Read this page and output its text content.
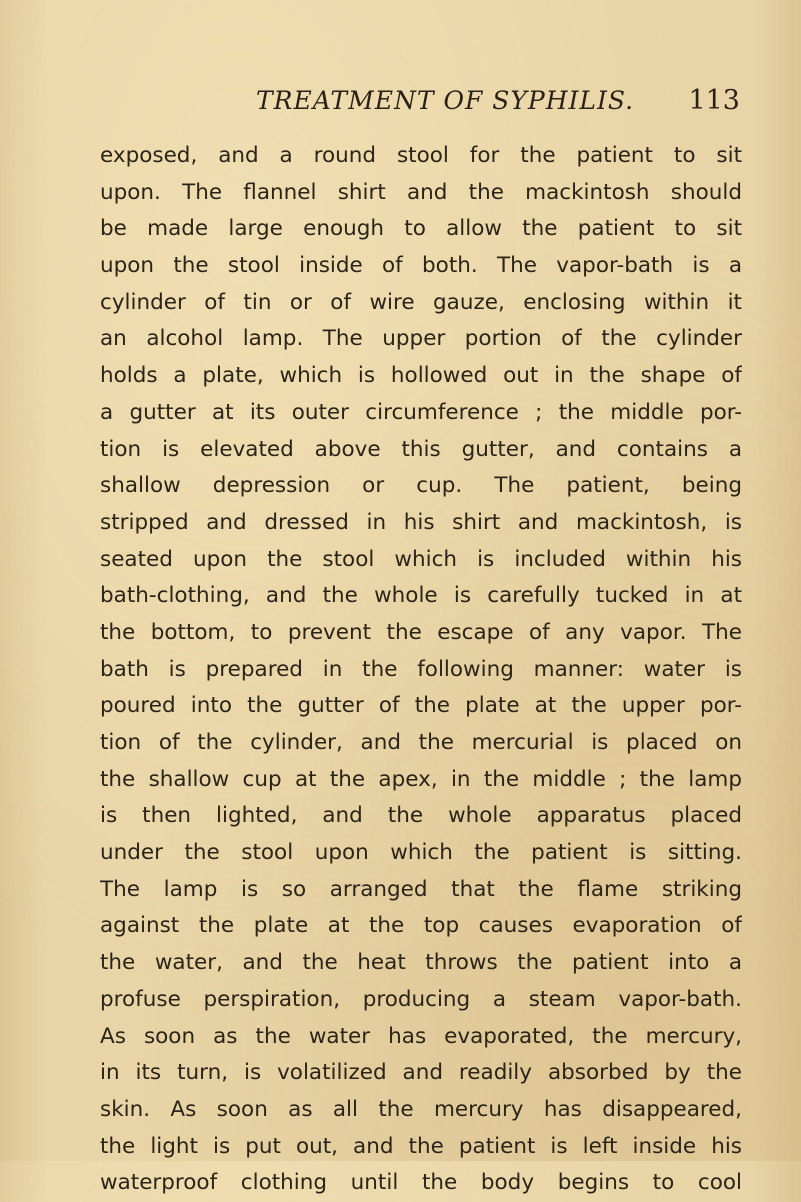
TREATMENT OF SYPHILIS. 113
exposed, and a round stool for the patient to sit
upon. The flannel shirt and the mackintosh should
be made large enough to allow the patient to sit
upon the stool inside of both. The vapor-bath is a
cylinder of tin or of wire gauze, enclosing within it
an alcohol lamp. The upper portion of the cylinder
holds a plate, which is hollowed out in the shape of
a gutter at its outer circumference ; the middle por-
tion is elevated above this gutter, and contains a
shallow depression or cup. The patient, being
stripped and dressed in his shirt and mackintosh, is
seated upon the stool which is included within his
bath-clothing, and the whole is carefully tucked in at
the bottom, to prevent the escape of any vapor. The
bath is prepared in the following manner: water is
poured into the gutter of the plate at the upper por-
tion of the cylinder, and the mercurial is placed on
the shallow cup at the apex, in the middle ; the lamp
is then lighted, and the whole apparatus placed
under the stool upon which the patient is sitting.
The lamp is so arranged that the flame striking
against the plate at the top causes evaporation of
the water, and the heat throws the patient into a
profuse perspiration, producing a steam vapor-bath.
As soon as the water has evaporated, the mercury,
in its turn, is volatilized and readily absorbed by the
skin. As soon as all the mercury has disappeared,
the light is put out, and the patient is left inside his
waterproof clothing until the body begins to cool
